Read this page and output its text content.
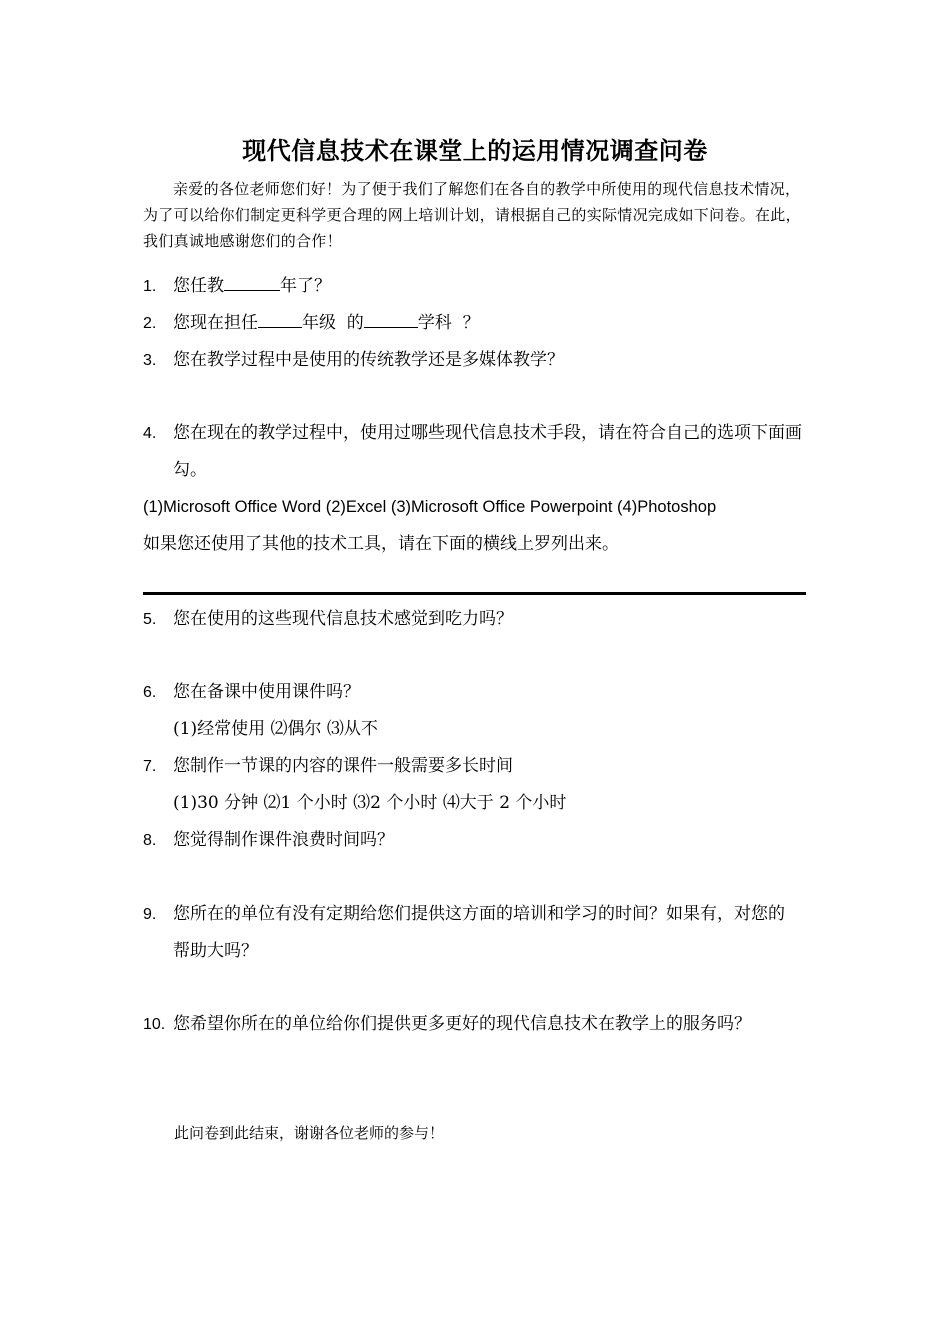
现代信息技术在课堂上的运用情况调查问卷
亲爱的各位老师您们好！为了便于我们了解您们在各自的教学中所使用的现代信息技术情况，为了可以给你们制定更科学更合理的网上培训计划，请根据自己的实际情况完成如下问卷。在此，我们真诚地感谢您们的合作！
1. 您任教	年了？
2. 您现在担任	年级  的	学科  ？
3. 您在教学过程中是使用的传统教学还是多媒体教学？
4. 您在现在的教学过程中，使用过哪些现代信息技术手段，请在符合自己的选项下面画勾。
(1)Microsoft Office Word (2)Excel (3)Microsoft Office Powerpoint (4)Photoshop
如果您还使用了其他的技术工具，请在下面的横线上罗列出来。
5. 您在使用的这些现代信息技术感觉到吃力吗？
6. 您在备课中使用课件吗？
(1)经常使用 ⑵偶尔 ⑶从不
7. 您制作一节课的内容的课件一般需要多长时间
(1)30 分钟 ⑵1 个小时 ⑶2 个小时 ⑷大于 2 个小时
8. 您觉得制作课件浪费时间吗？
9. 您所在的单位有没有定期给您们提供这方面的培训和学习的时间？如果有，对您的  帮助大吗？
10. 您希望你所在的单位给你们提供更多更好的现代信息技术在教学上的服务吗？
此问卷到此结束，谢谢各位老师的参与！
